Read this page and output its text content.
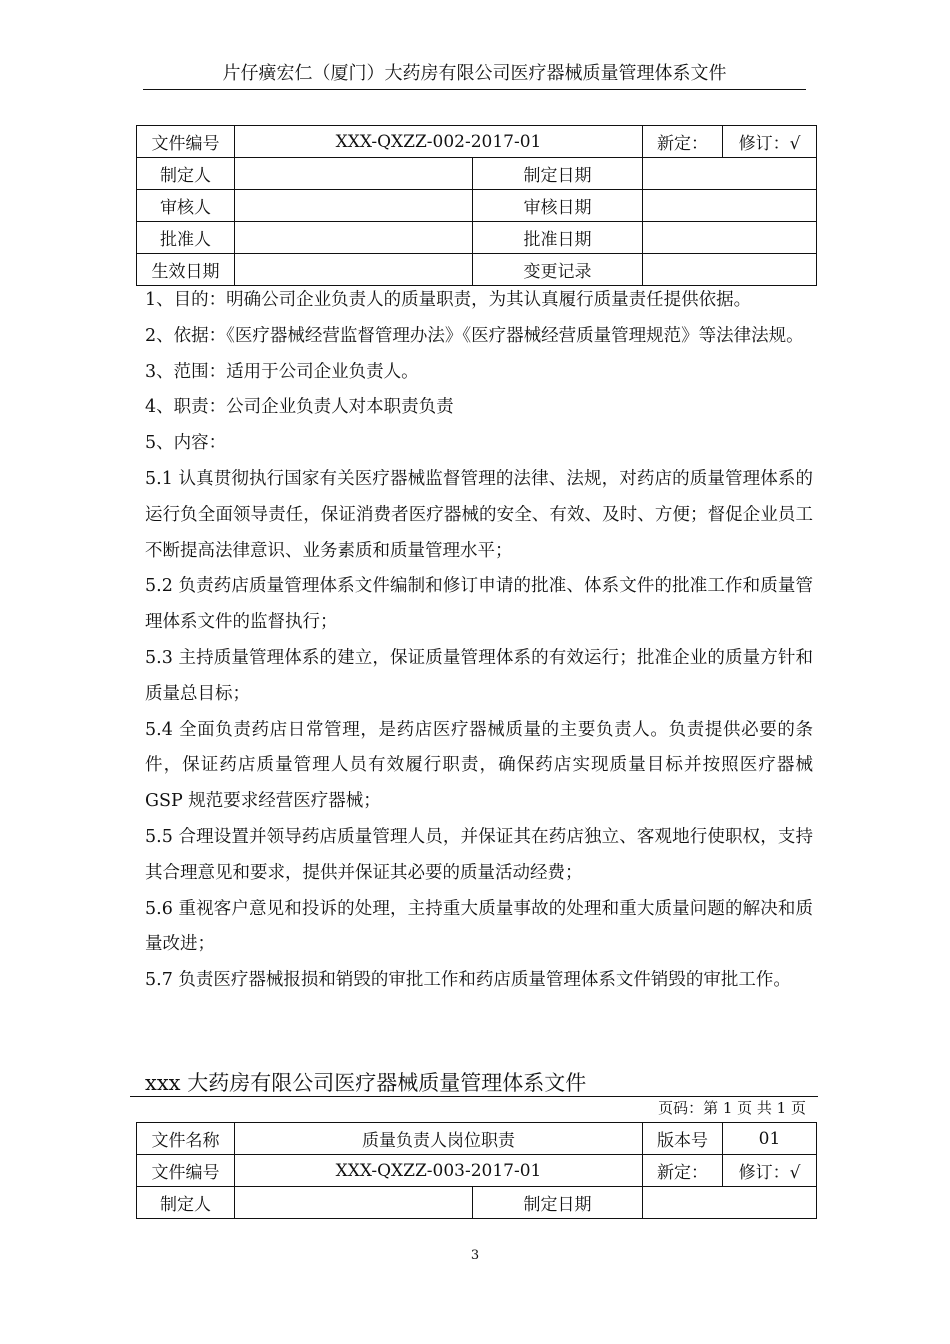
片仔癀宏仁（厦门）大药房有限公司医疗器械质量管理体系文件
文件编号	XXX-QXZZ-002-2017-01		新定：	修订：√
制定人		制定日期		
审核人		审核日期		
批准人		批准日期		
生效日期		变更记录		

1、目的：明确公司企业负责人的质量职责，为其认真履行质量责任提供依据。

2、依据：《医疗器械经营监督管理办法》《医疗器械经营质量管理规范》等法律法规。

3、范围：适用于公司企业负责人。

4、职责：公司企业负责人对本职责负责

5、内容：

5.1 认真贯彻执行国家有关医疗器械监督管理的法律、法规，对药店的质量管理体系的运行负全面领导责任，保证消费者医疗器械的安全、有效、及时、方便；督促企业员工不断提高法律意识、业务素质和质量管理水平；

5.2 负责药店质量管理体系文件编制和修订申请的批准、体系文件的批准工作和质量管理体系文件的监督执行；

5.3 主持质量管理体系的建立，保证质量管理体系的有效运行；批准企业的质量方针和质量总目标；

5.4 全面负责药店日常管理，是药店医疗器械质量的主要负责人。负责提供必要的条件，保证药店质量管理人员有效履行职责，确保药店实现质量目标并按照医疗器械 GSP 规范要求经营医疗器械；

5.5 合理设置并领导药店质量管理人员，并保证其在药店独立、客观地行使职权，支持其合理意见和要求，提供并保证其必要的质量活动经费；

5.6 重视客户意见和投诉的处理，主持重大质量事故的处理和重大质量问题的解决和质量改进；

5.7 负责医疗器械报损和销毁的审批工作和药店质量管理体系文件销毁的审批工作。

xxx 大药房有限公司医疗器械质量管理体系文件
页码：第 1 页 共 1 页
文件名称	质量负责人岗位职责		版本号	01
文件编号	XXX-QXZZ-003-2017-01		新定：	修订：√
制定人		制定日期		
3
